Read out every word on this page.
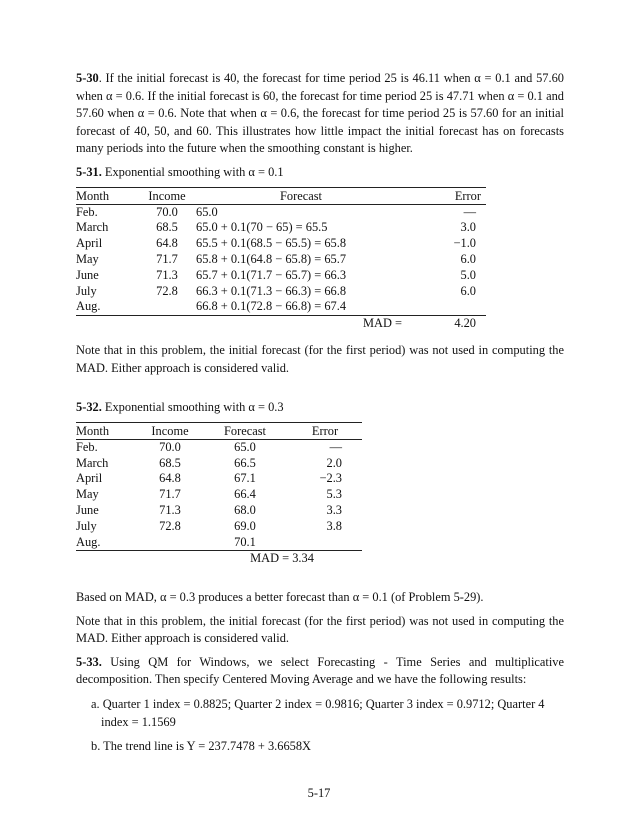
5-30. If the initial forecast is 40, the forecast for time period 25 is 46.11 when α = 0.1 and 57.60 when α = 0.6. If the initial forecast is 60, the forecast for time period 25 is 47.71 when α = 0.1 and 57.60 when α = 0.6. Note that when α = 0.6, the forecast for time period 25 is 57.60 for an initial forecast of 40, 50, and 60. This illustrates how little impact the initial forecast has on forecasts many periods into the future when the smoothing constant is higher.

5-31. Exponential smoothing with α = 0.1

Month	Income	Forecast	Error
Feb.	70.0	65.0	—
March	68.5	65.0 + 0.1(70 − 65) = 65.5	3.0
April	64.8	65.5 + 0.1(68.5 − 65.5) = 65.8	−1.0
May	71.7	65.8 + 0.1(64.8 − 65.8) = 65.7	6.0
June	71.3	65.7 + 0.1(71.7 − 65.7) = 66.3	5.0
July	72.8	66.3 + 0.1(71.3 − 66.3) = 66.8	6.0
Aug.		66.8 + 0.1(72.8 − 66.8) = 67.4	
		MAD =	4.20

Note that in this problem, the initial forecast (for the first period) was not used in computing the MAD. Either approach is considered valid.

5-32. Exponential smoothing with α = 0.3

Month	Income	Forecast	Error
Feb.	70.0	65.0	—
March	68.5	66.5	2.0
April	64.8	67.1	−2.3
May	71.7	66.4	5.3
June	71.3	68.0	3.3
July	72.8	69.0	3.8
Aug.		70.1	
		MAD = 3.34	

Based on MAD, α = 0.3 produces a better forecast than α = 0.1 (of Problem 5-29).

Note that in this problem, the initial forecast (for the first period) was not used in computing the MAD. Either approach is considered valid.

5-33. Using QM for Windows, we select Forecasting - Time Series and multiplicative decomposition. Then specify Centered Moving Average and we have the following results:

a. Quarter 1 index = 0.8825; Quarter 2 index = 0.9816; Quarter 3 index = 0.9712; Quarter 4 index = 1.1569

b. The trend line is Y = 237.7478 + 3.6658X

5-17
